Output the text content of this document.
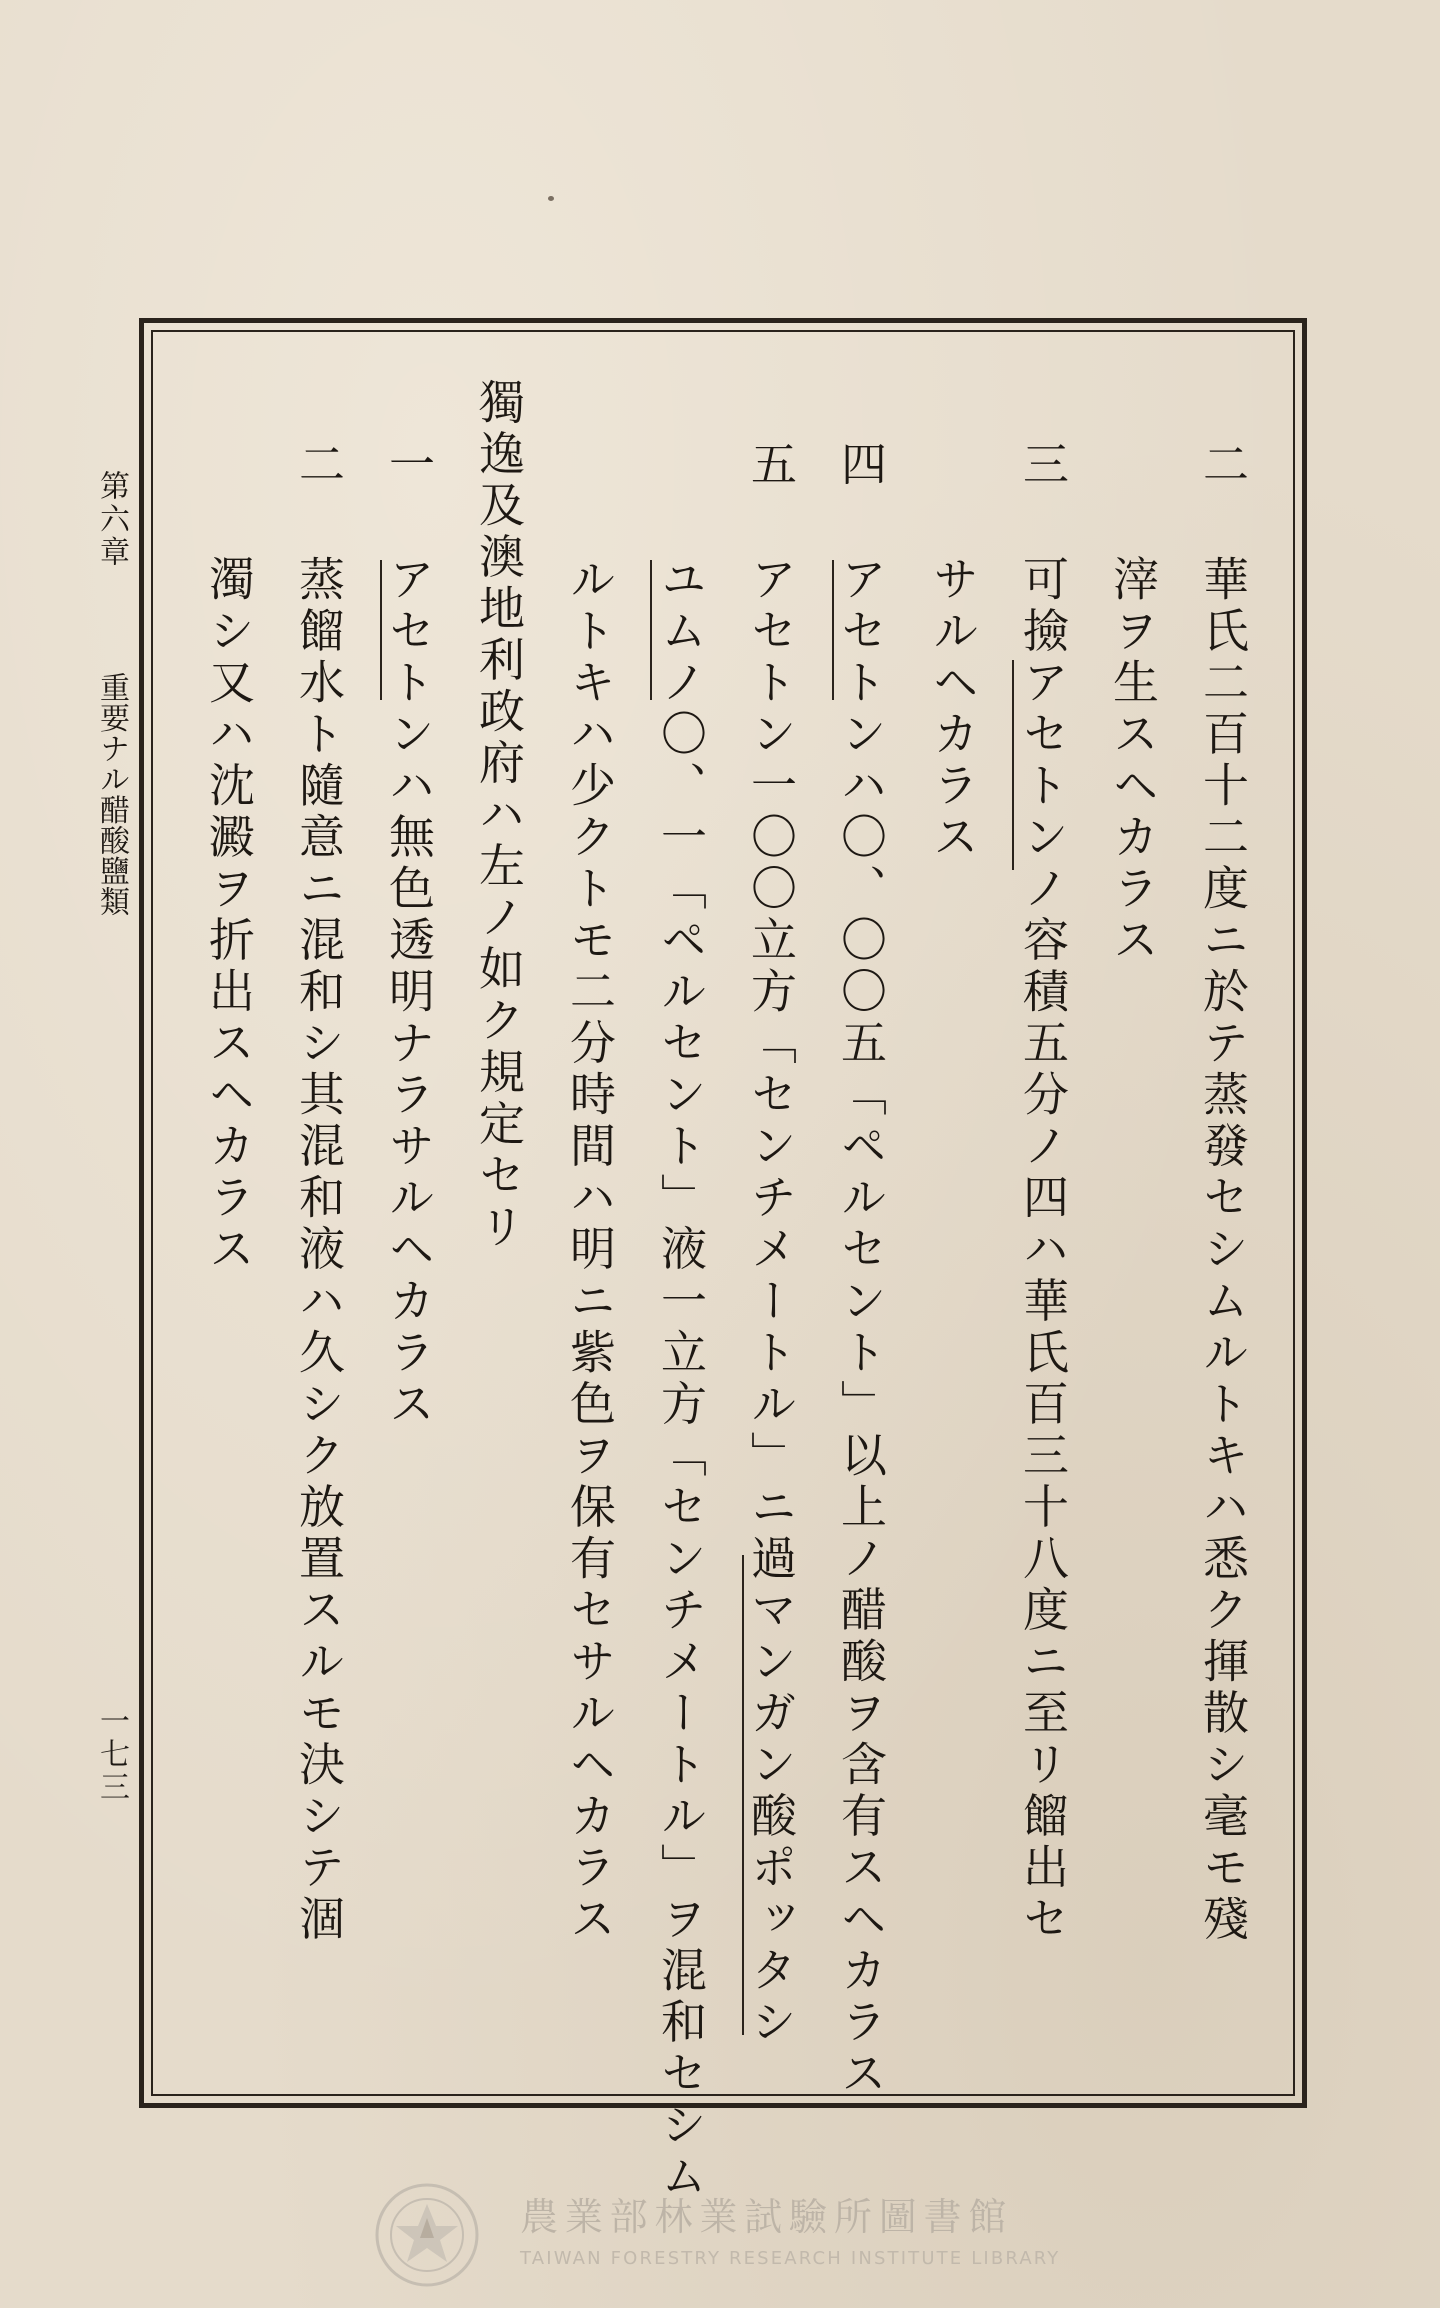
第六章
重要ナル醋酸鹽類
一七三
二
華氏二百十二度ニ於テ蒸發セシムルトキハ悉ク揮散シ毫モ殘
滓ヲ生スヘカラス
三
可撿アセトンノ容積五分ノ四ハ華氏百三十八度ニ至リ餾出セ
サルヘカラス
四
アセトンハ〇、〇〇五「ペルセント」以上ノ醋酸ヲ含有スヘカラス
五
アセトン一〇〇立方「センチメートル」ニ過マンガン酸ポッタシ
ユムノ〇、一「ペルセント」液一立方「センチメートル」ヲ混和セシム
ルトキハ少クトモ二分時間ハ明ニ紫色ヲ保有セサルヘカラス
獨逸及澳地利政府ハ左ノ如ク規定セリ
一
アセトンハ無色透明ナラサルヘカラス
二
蒸餾水ト隨意ニ混和シ其混和液ハ久シク放置スルモ決シテ涸
濁シ又ハ沈澱ヲ折出スヘカラス
農業部林業試驗所圖書館
TAIWAN FORESTRY RESEARCH INSTITUTE LIBRARY
